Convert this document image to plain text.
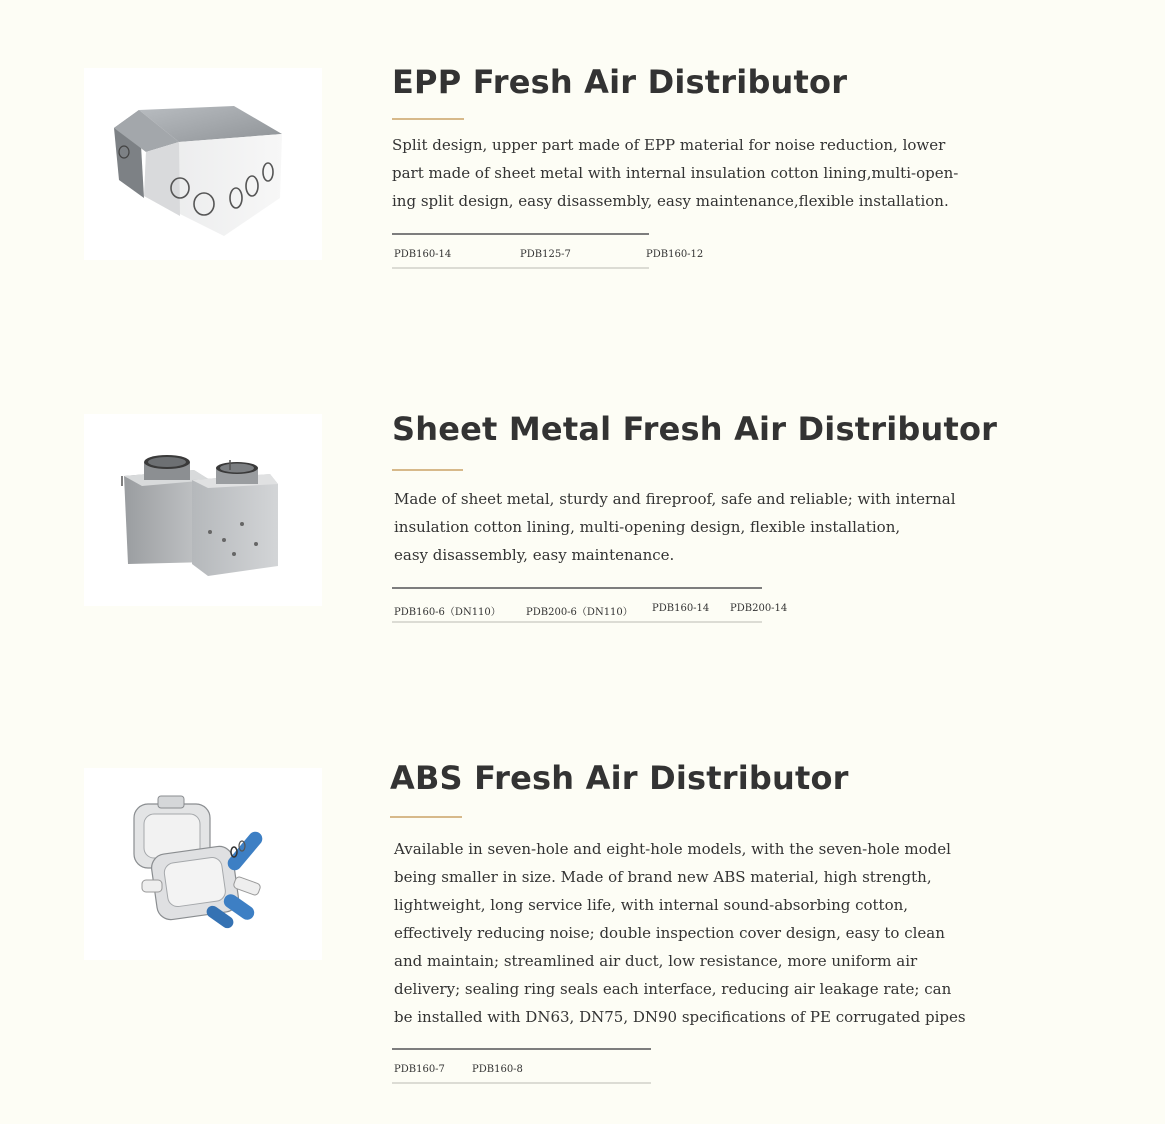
EPP Fresh Air Distributor
Split design, upper part made of EPP material for noise reduction, lower
part made of sheet metal with internal insulation cotton lining,multi-open-
ing split design, easy disassembly, easy maintenance,flexible installation.
PDB160-14	PDB125-7	PDB160-12
Sheet Metal Fresh Air Distributor
Made of sheet metal, sturdy and fireproof, safe and reliable; with internal
insulation cotton lining, multi-opening design, flexible installation,
easy disassembly, easy maintenance.
PDB160-6（DN110）	PDB200-6（DN110） PDB160-14 PDB200-14
ABS Fresh Air Distributor
Available in seven-hole and eight-hole models, with the seven-hole model
being smaller in size. Made of brand new ABS material, high strength,
lightweight, long service life, with internal sound-absorbing cotton,
effectively reducing noise; double inspection cover design, easy to clean
and maintain; streamlined air duct, low resistance, more uniform air
delivery; sealing ring seals each interface, reducing air leakage rate; can
be installed with DN63, DN75, DN90 specifications of PE corrugated pipes
PDB160-7	PDB160-8
